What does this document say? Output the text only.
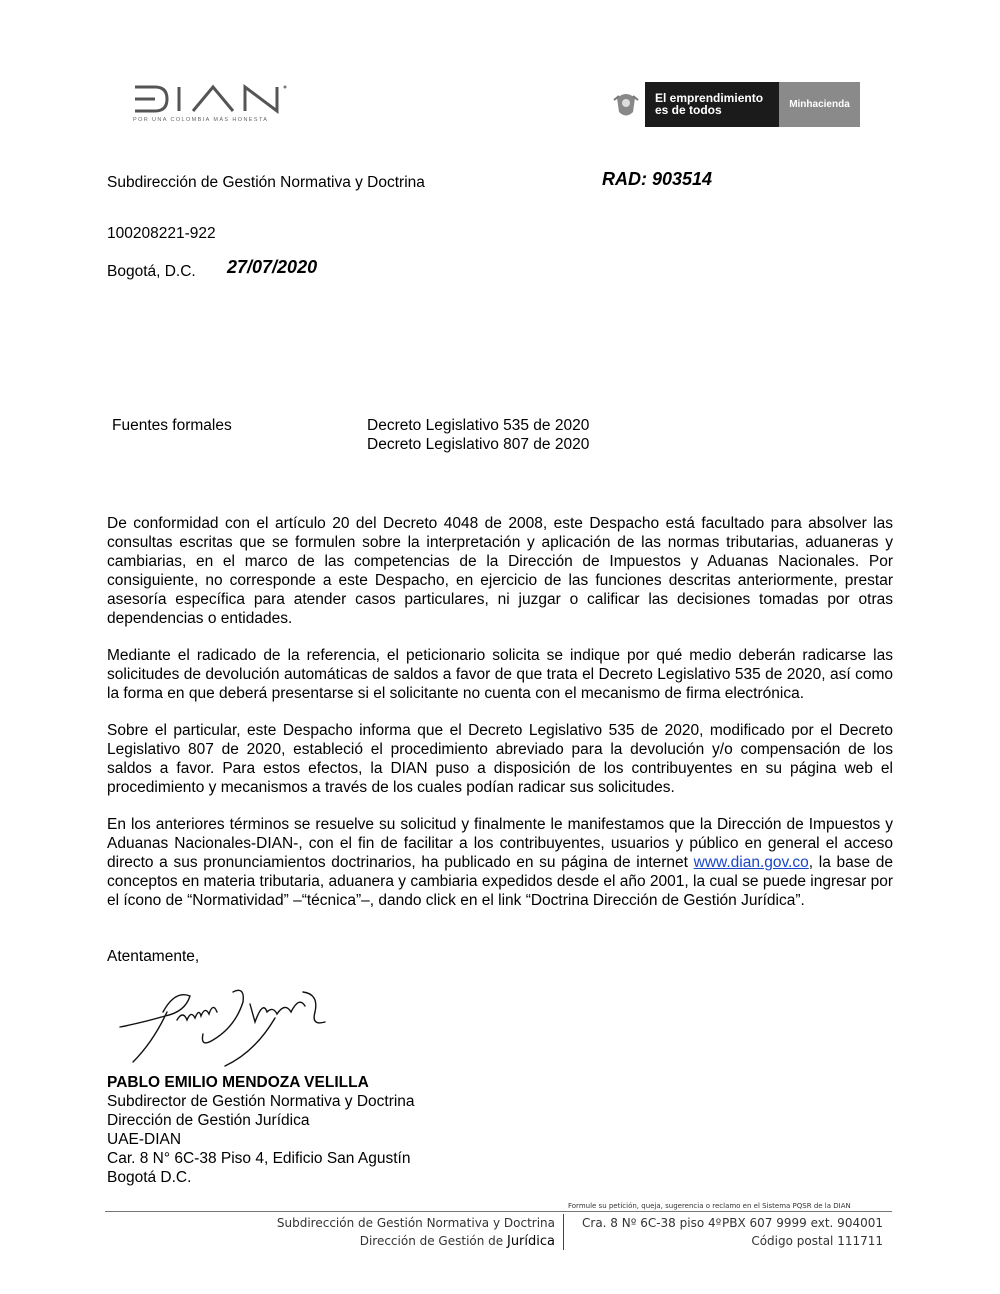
POR UNA COLOMBIA MÁS HONESTA
El emprendimiento
es de todos	Minhacienda
Subdirección de Gestión Normativa y Doctrina	RAD: 903514
100208221-922
Bogotá, D.C. 27/07/2020
Fuentes formales	Decreto Legislativo 535 de 2020
Decreto Legislativo 807 de 2020
De conformidad con el artículo 20 del Decreto 4048 de 2008, este Despacho está facultado para absolver las consultas escritas que se formulen sobre la interpretación y aplicación de las normas tributarias, aduaneras y cambiarias, en el marco de las competencias de la Dirección de Impuestos y Aduanas Nacionales. Por consiguiente, no corresponde a este Despacho, en ejercicio de las funciones descritas anteriormente, prestar asesoría específica para atender casos particulares, ni juzgar o calificar las decisiones tomadas por otras dependencias o entidades.
Mediante el radicado de la referencia, el peticionario solicita se indique por qué medio deberán radicarse las solicitudes de devolución automáticas de saldos a favor de que trata el Decreto Legislativo 535 de 2020, así como la forma en que deberá presentarse si el solicitante no cuenta con el mecanismo de firma electrónica.
Sobre el particular, este Despacho informa que el Decreto Legislativo 535 de 2020, modificado por el Decreto Legislativo 807 de 2020, estableció el procedimiento abreviado para la devolución y/o compensación de los saldos a favor. Para estos efectos, la DIAN puso a disposición de los contribuyentes en su página web el procedimiento y mecanismos a través de los cuales podían radicar sus solicitudes.
En los anteriores términos se resuelve su solicitud y finalmente le manifestamos que la Dirección de Impuestos y Aduanas Nacionales-DIAN-, con el fin de facilitar a los contribuyentes, usuarios y público en general el acceso directo a sus pronunciamientos doctrinarios, ha publicado en su página de internet www.dian.gov.co, la base de conceptos en materia tributaria, aduanera y cambiaria expedidos desde el año 2001, la cual se puede ingresar por el ícono de “Normatividad” –“técnica”–, dando click en el link “Doctrina Dirección de Gestión Jurídica”.
Atentamente,
PABLO EMILIO MENDOZA VELILLA
Subdirector de Gestión Normativa y Doctrina
Dirección de Gestión Jurídica
UAE-DIAN
Car. 8 N° 6C-38 Piso 4, Edificio San Agustín
Bogotá D.C.
Formule su petición, queja, sugerencia o reclamo en el Sistema PQSR de la DIAN
Subdirección de Gestión Normativa y Doctrina
Dirección de Gestión de Jurídica
Cra. 8 Nº 6C-38 piso 4º PBX 607 9999 ext. 904001
Código postal 111711
